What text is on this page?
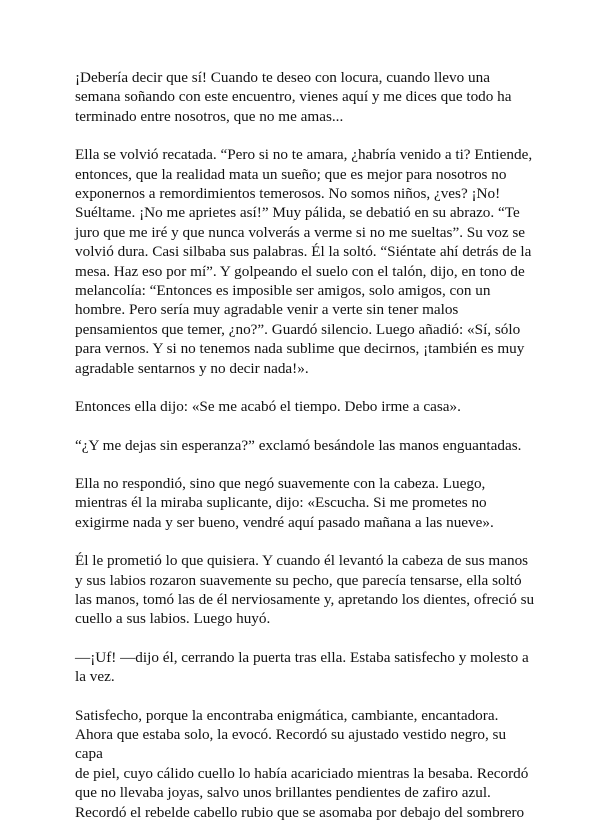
¡Debería decir que sí! Cuando te deseo con locura, cuando llevo una
semana soñando con este encuentro, vienes aquí y me dices que todo ha
terminado entre nosotros, que no me amas...

Ella se volvió recatada. “Pero si no te amara, ¿habría venido a ti? Entiende,
entonces, que la realidad mata un sueño; que es mejor para nosotros no
exponernos a remordimientos temerosos. No somos niños, ¿ves? ¡No!
Suéltame. ¡No me aprietes así!” Muy pálida, se debatió en su abrazo. “Te
juro que me iré y que nunca volverás a verme si no me sueltas”. Su voz se
volvió dura. Casi silbaba sus palabras. Él la soltó. “Siéntate ahí detrás de la
mesa. Haz eso por mí”. Y golpeando el suelo con el talón, dijo, en tono de
melancolía: “Entonces es imposible ser amigos, solo amigos, con un
hombre. Pero sería muy agradable venir a verte sin tener malos
pensamientos que temer, ¿no?”. Guardó silencio. Luego añadió: «Sí, sólo
para vernos. Y si no tenemos nada sublime que decirnos, ¡también es muy
agradable sentarnos y no decir nada!».

Entonces ella dijo: «Se me acabó el tiempo. Debo irme a casa».

“¿Y me dejas sin esperanza?” exclamó besándole las manos enguantadas.

Ella no respondió, sino que negó suavemente con la cabeza. Luego,
mientras él la miraba suplicante, dijo: «Escucha. Si me prometes no
exigirme nada y ser bueno, vendré aquí pasado mañana a las nueve».

Él le prometió lo que quisiera. Y cuando él levantó la cabeza de sus manos
y sus labios rozaron suavemente su pecho, que parecía tensarse, ella soltó
las manos, tomó las de él nerviosamente y, apretando los dientes, ofreció su
cuello a sus labios. Luego huyó.

—¡Uf! —dijo él, cerrando la puerta tras ella. Estaba satisfecho y molesto a
la vez.

Satisfecho, porque la encontraba enigmática, cambiante, encantadora.
Ahora que estaba solo, la evocó. Recordó su ajustado vestido negro, su capa
de piel, cuyo cálido cuello lo había acariciado mientras la besaba. Recordó
que no llevaba joyas, salvo unos brillantes pendientes de zafiro azul.
Recordó el rebelde cabello rubio que se asomaba por debajo del sombrero
